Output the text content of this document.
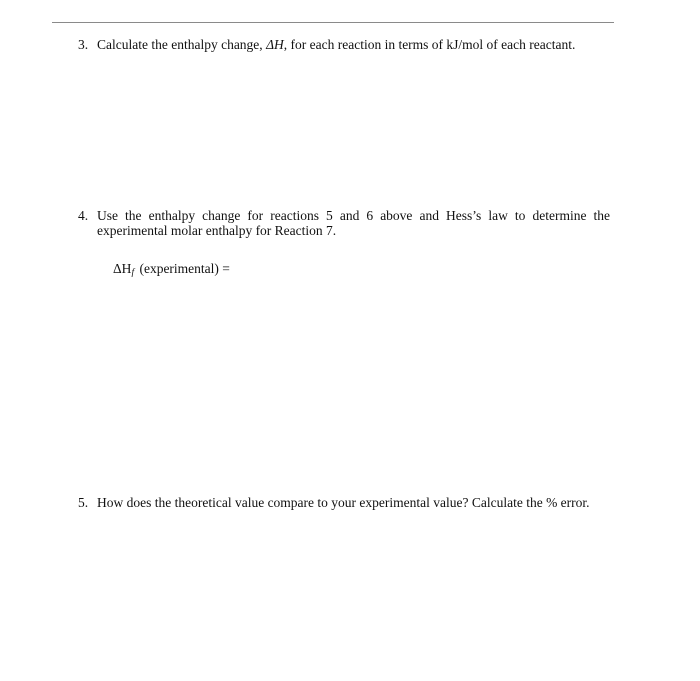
3. Calculate the enthalpy change, ΔH, for each reaction in terms of kJ/mol of each reactant.
4. Use the enthalpy change for reactions 5 and 6 above and Hess’s law to determine the experimental molar enthalpy for Reaction 7.
$\Delta H_f$ (experimental) =
5. How does the theoretical value compare to your experimental value? Calculate the % error.
